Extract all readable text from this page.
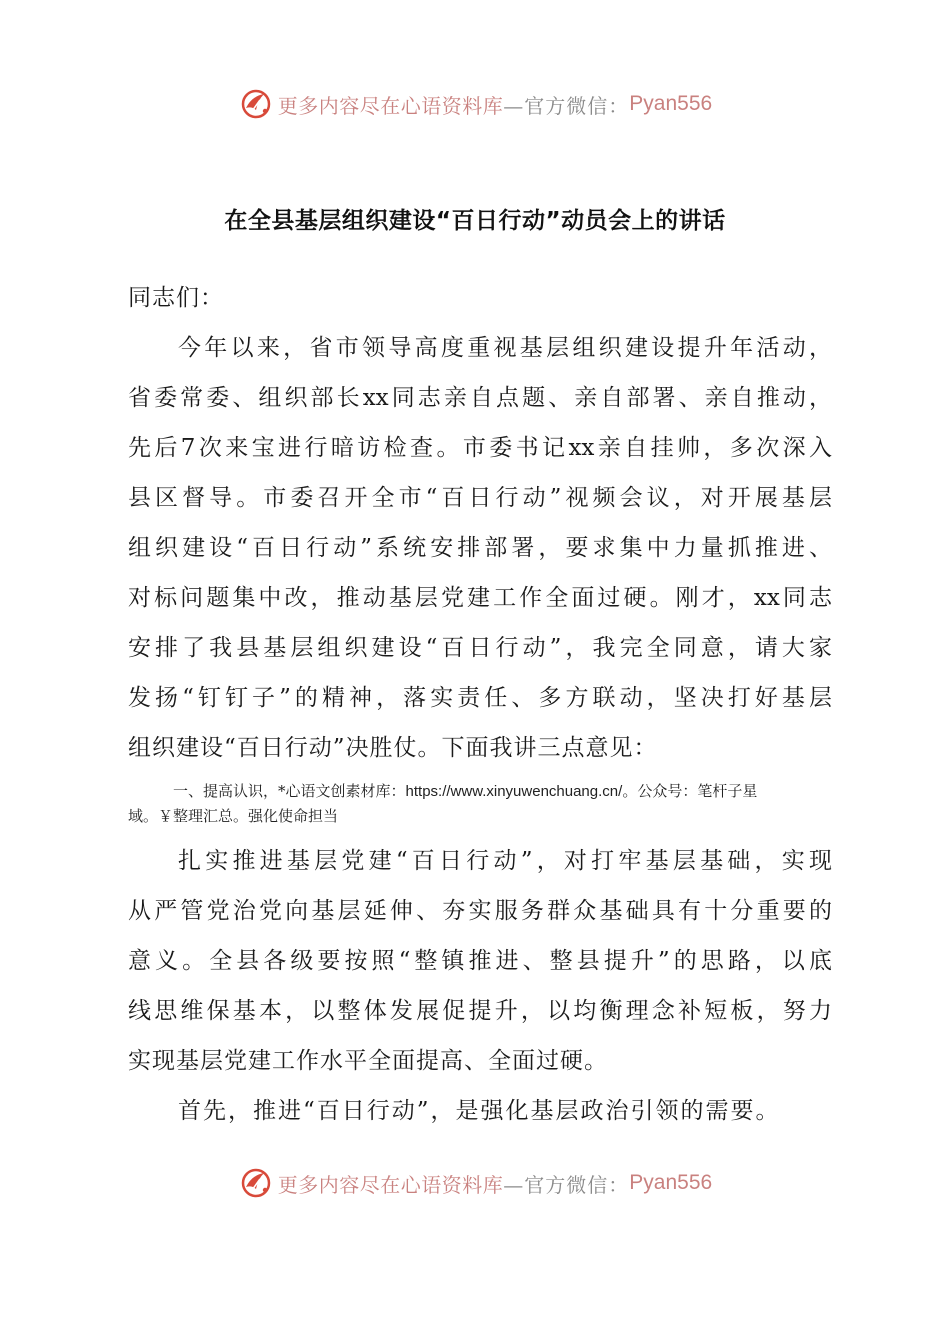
更多内容尽在心语资料库 —官方微信： Pyan556
在全县基层组织建设“百日行动”动员会上的讲话
同志们：
今年以来，省市领导高度重视基层组织建设提升年活动，
省委常委、组织部长xx同志亲自点题、亲自部署、亲自推动，
先后7次来宝进行暗访检查。市委书记xx亲自挂帅，多次深入
县区督导。市委召开全市“百日行动”视频会议，对开展基层
组织建设“百日行动”系统安排部署，要求集中力量抓推进、
对标问题集中改，推动基层党建工作全面过硬。刚才，xx同志
安排了我县基层组织建设“百日行动”，我完全同意，请大家
发扬“钉钉子”的精神，落实责任、多方联动，坚决打好基层
组织建设“百日行动”决胜仗。下面我讲三点意见：
一、提高认识，*心语文创素材库：https://www.xinyuwenchuang.cn/。公众号：笔杆子星
域。￥整理汇总。强化使命担当
扎实推进基层党建“百日行动”，对打牢基层基础，实现
从严管党治党向基层延伸、夯实服务群众基础具有十分重要的
意义。全县各级要按照“整镇推进、整县提升”的思路，以底
线思维保基本，以整体发展促提升，以均衡理念补短板，努力
实现基层党建工作水平全面提高、全面过硬。
首先，推进“百日行动”，是强化基层政治引领的需要。
更多内容尽在心语资料库 —官方微信： Pyan556
